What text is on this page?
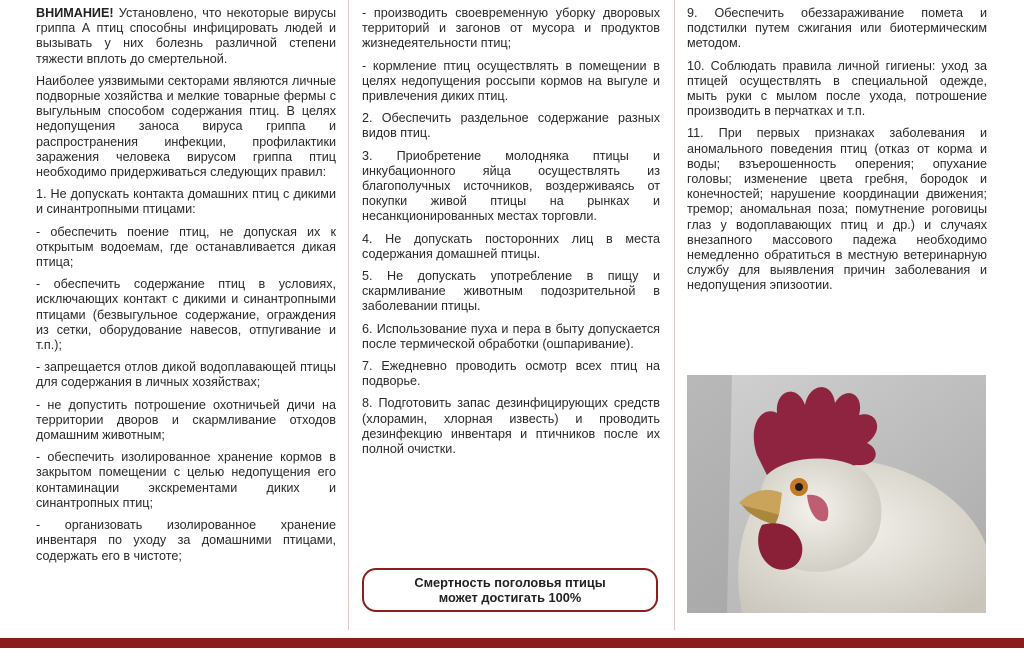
ВНИМАНИЕ! Установлено, что некоторые вирусы гриппа А птиц способны инфицировать людей и вызывать у них болезнь различной степени тяжести вплоть до смертельной.

Наиболее уязвимыми секторами являются личные подворные хозяйства и мелкие товарные фермы с выгульным способом содержания птиц. В целях недопущения заноса вируса гриппа и распространения инфекции, профилактики заражения человека вирусом гриппа птиц необходимо придерживаться следующих правил:

1. Не допускать контакта домашних птиц с дикими и синантропными птицами:

- обеспечить поение птиц, не допуская их к открытым водоемам, где останавливается дикая птица;

- обеспечить содержание птиц в условиях, исключающих контакт с дикими и синантропными птицами (безвыгульное содержание, ограждения из сетки, оборудование навесов, отпугивание и т.п.);

- запрещается отлов дикой водоплавающей птицы для содержания в личных хозяйствах;

- не допустить потрошение охотничьей дичи на территории дворов и скармливание отходов домашним животным;

- обеспечить изолированное хранение кормов в закрытом помещении с целью недопущения его контаминации экскрементами диких и синантропных птиц;

- организовать изолированное хранение инвентаря по уходу за домашними птицами, содержать его в чистоте;

- производить своевременную уборку дворовых территорий и загонов от мусора и продуктов жизнедеятельности птиц;

- кормление птиц осуществлять в помещении в целях недопущения россыпи кормов на выгуле и привлечения диких птиц.

2. Обеспечить раздельное содержание разных видов птиц.

3. Приобретение молодняка птицы и инкубационного яйца осуществлять из благополучных источников, воздерживаясь от покупки живой птицы на рынках и несанкционированных местах торговли.

4. Не допускать посторонних лиц в места содержания домашней птицы.

5. Не допускать употребление в пищу и скармливание животным подозрительной в заболевании птицы.

6. Использование пуха и пера в быту допускается после термической обработки (ошпаривание).

7. Ежедневно проводить осмотр всех птиц на подворье.

8. Подготовить запас дезинфицирующих средств (хлорамин, хлорная известь) и проводить дезинфекцию инвентаря и птичников после их полной очистки.

Смертность поголовья птицы
может достигать 100%

9. Обеспечить обеззараживание помета и подстилки путем сжигания или биотермическим методом.

10. Соблюдать правила личной гигиены: уход за птицей осуществлять в специальной одежде, мыть руки с мылом после ухода, потрошение производить в перчатках и т.п.

11. При первых признаках заболевания и аномального поведения птиц (отказ от корма и воды; взъерошенность оперения; опухание головы; изменение цвета гребня, бородок и конечностей; нарушение координации движения; тремор; аномальная поза; помутнение роговицы глаз у водоплавающих птиц и др.) и случаях внезапного массового падежа необходимо немедленно обратиться в местную ветеринарную службу для выявления причин заболевания и недопущения эпизоотии.
